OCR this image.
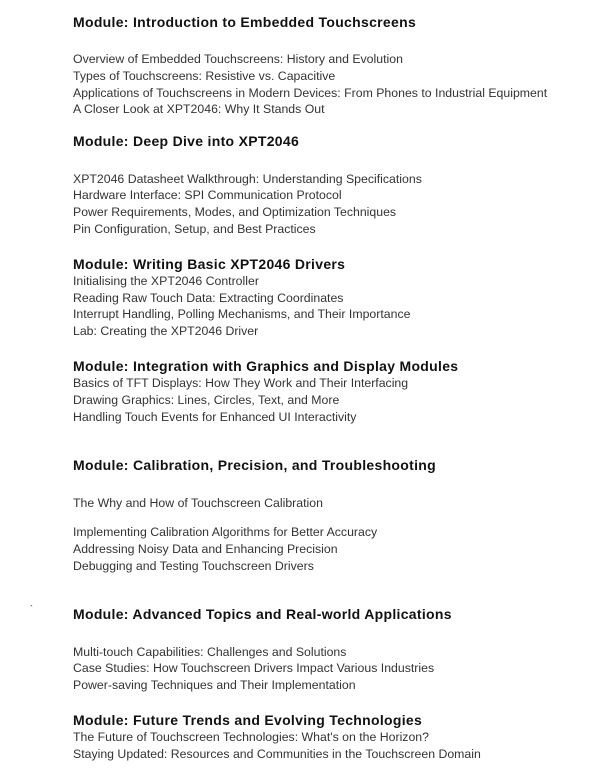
Module: Introduction to Embedded Touchscreens
Overview of Embedded Touchscreens: History and Evolution
Types of Touchscreens: Resistive vs. Capacitive
Applications of Touchscreens in Modern Devices: From Phones to Industrial Equipment
A Closer Look at XPT2046: Why It Stands Out
Module: Deep Dive into XPT2046
XPT2046 Datasheet Walkthrough: Understanding Specifications
Hardware Interface: SPI Communication Protocol
Power Requirements, Modes, and Optimization Techniques
Pin Configuration, Setup, and Best Practices
Module: Writing Basic XPT2046 Drivers
Initialising the XPT2046 Controller
Reading Raw Touch Data: Extracting Coordinates
Interrupt Handling, Polling Mechanisms, and Their Importance
Lab: Creating the XPT2046 Driver
Module: Integration with Graphics and Display Modules
Basics of TFT Displays: How They Work and Their Interfacing
Drawing Graphics: Lines, Circles, Text, and More
Handling Touch Events for Enhanced UI Interactivity
Module: Calibration, Precision, and Troubleshooting
The Why and How of Touchscreen Calibration
Implementing Calibration Algorithms for Better Accuracy
Addressing Noisy Data and Enhancing Precision
Debugging and Testing Touchscreen Drivers
`	Module: Advanced Topics and Real-world Applications
Multi-touch Capabilities: Challenges and Solutions
Case Studies: How Touchscreen Drivers Impact Various Industries
Power-saving Techniques and Their Implementation
Module: Future Trends and Evolving Technologies
The Future of Touchscreen Technologies: What's on the Horizon?
Staying Updated: Resources and Communities in the Touchscreen Domain
